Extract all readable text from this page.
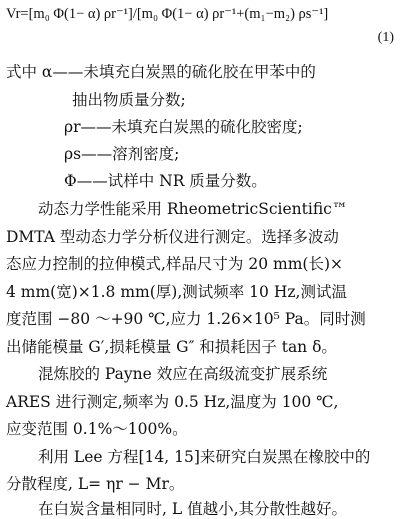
Vr=[m₀ Φ(1− α) ρr⁻¹]/[m₀ Φ(1− α) ρr⁻¹+(m₁−m₂) ρs⁻¹]
(1)
式中 α——未填充白炭黑的硫化胶在甲苯中的
抽出物质量分数;
ρr——未填充白炭黑的硫化胶密度;
ρs——溶剂密度;
Φ——试样中 NR 质量分数。
动态力学性能采用 RheometricScientific™
DMTA 型动态力学分析仪进行测定。选择多波动
态应力控制的拉伸模式,样品尺寸为 20 mm(长)×
4 mm(宽)×1.8 mm(厚),测试频率 10 Hz,测试温
度范围 −80 ～+90 ℃,应力 1.26×10⁵ Pa。同时测
出储能模量 G′,损耗模量 G″ 和损耗因子 tan δ。
混炼胶的 Payne 效应在高级流变扩展系统
ARES 进行测定,频率为 0.5 Hz,温度为 100 ℃,
应变范围 0.1%～100%。
利用 Lee 方程[14, 15]来研究白炭黑在橡胶中的
分散程度, L= ηr − Mr。
在白炭含量相同时, L 值越小,其分散性越好。
